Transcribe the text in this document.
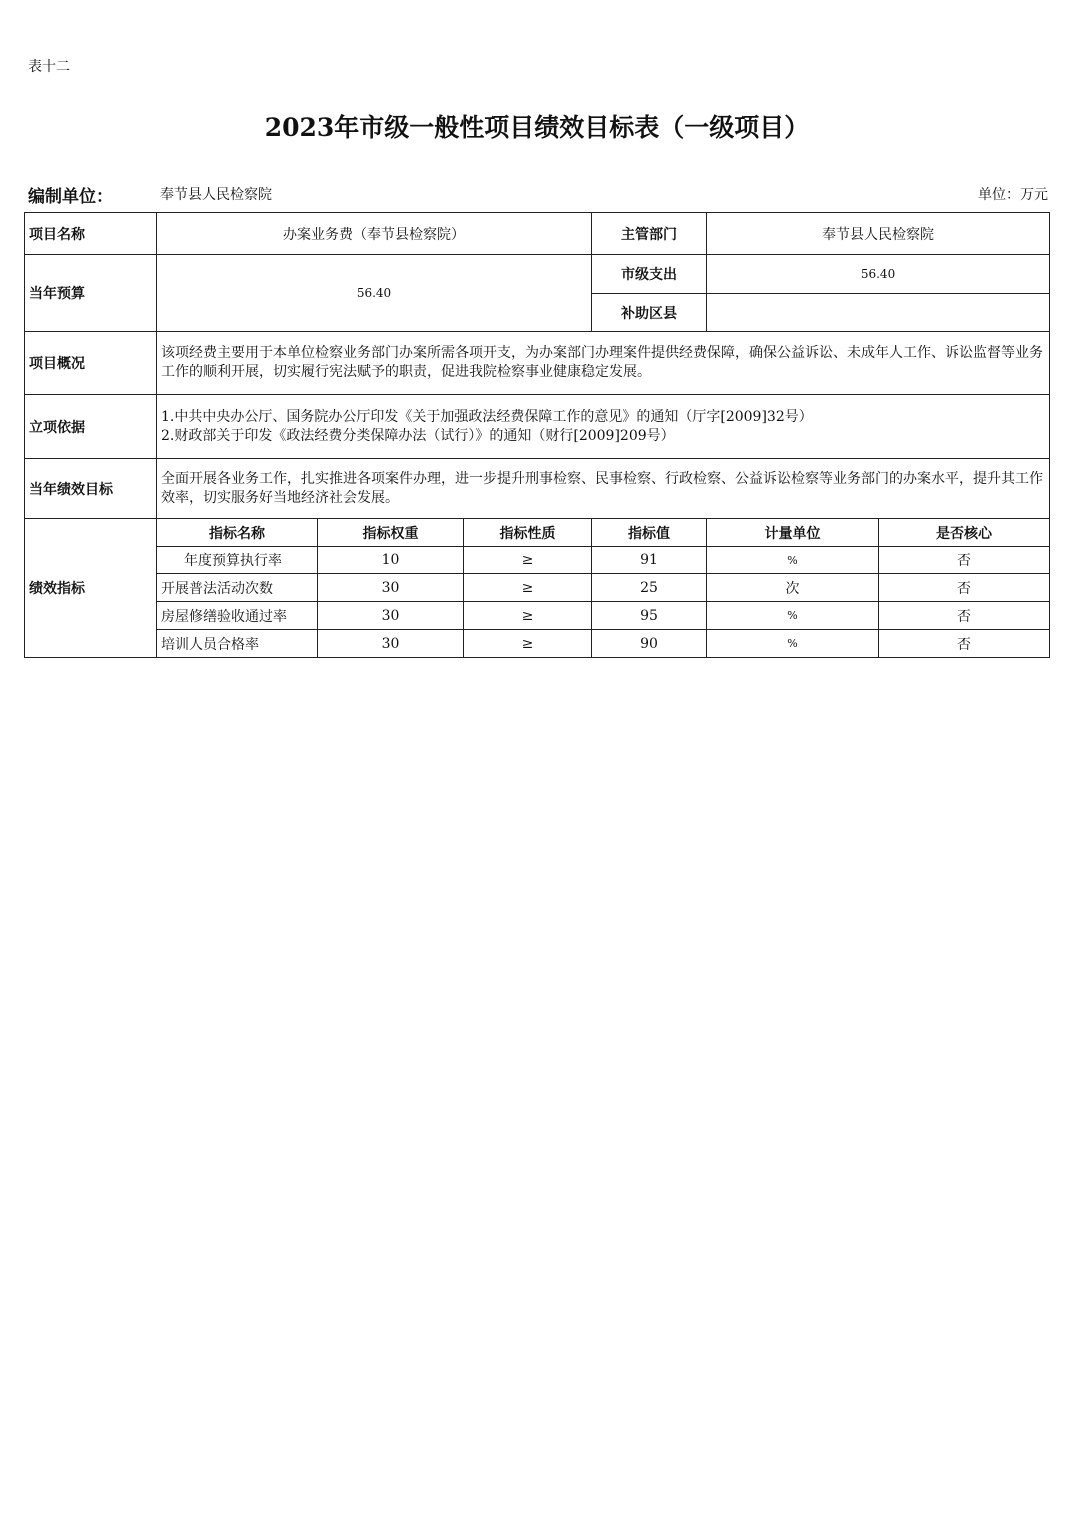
表十二
2023年市级一般性项目绩效目标表（一级项目）
编制单位：	奉节县人民检察院	单位：万元
项目名称	办案业务费（奉节县检察院）			主管部门	奉节县人民检察院	
当年预算	56.40			市级支出	56.40	
				补助区县		
项目概况	该项经费主要用于本单位检察业务部门办案所需各项开支，为办案部门办理案件提供经费保障，确保公益诉讼、未成年人工作、诉讼监督等业务工作的顺利开展，切实履行宪法赋予的职责，促进我院检察事业健康稳定发展。					
立项依据	1.中共中央办公厅、国务院办公厅印发《关于加强政法经费保障工作的意见》的通知（厅字[2009]32号）
2.财政部关于印发《政法经费分类保障办法（试行）》的通知（财行[2009]209号）					

当年绩效目标	全面开展各业务工作，扎实推进各项案件办理，进一步提升刑事检察、民事检察、行政检察、公益诉讼检察等业务部门的办案水平，提升其工作效率，切实服务好当地经济社会发展。					
绩效指标	指标名称	指标权重	指标性质	指标值	计量单位	是否核心
	年度预算执行率	10	≥	91	%	否
	开展普法活动次数	30	≥	25	次	否
	房屋修缮验收通过率	30	≥	95	%	否
	培训人员合格率	30	≥	90	%	否
